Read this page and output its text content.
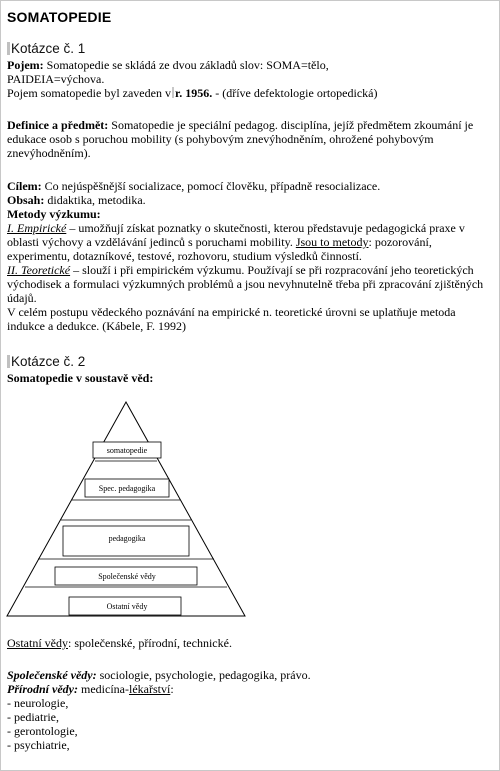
SOMATOPEDIE
Kotázce č. 1

Pojem: Somatopedie se skládá ze dvou základů slov: SOMA=tělo,

PAIDEIA=výchova.

Pojem somatopedie byl zaveden v r. 1956. - (dříve defektologie ortopedická)

Definice a předmět: Somatopedie je speciální pedagog. disciplína, jejíž předmětem zkoumání je edukace osob s poruchou mobility (s pohybovým znevýhodněním, ohrožené pohybovým znevýhodněním).

Cílem: Co nejúspěšnější socializace, pomocí člověku, případně resocializace.

Obsah: didaktika, metodika.

Metody výzkumu:

I. Empirické – umožňují získat poznatky o skutečnosti, kterou představuje pedagogická praxe v oblasti výchovy a vzdělávání jedinců s poruchami mobility. Jsou to metody: pozorování, experimentu, dotazníkové, testové, rozhovoru, studium výsledků činností.

II. Teoretické – slouží i při empirickém výzkumu. Používají se při rozpracování jeho teoretických východisek a formulaci výzkumných problémů a jsou nevyhnutelně třeba při zpracování zjištěných údajů.

V celém postupu vědeckého poznávání na empirické n. teoretické úrovni se uplatňuje metoda indukce a dedukce. (Kábele, F. 1992)

Kotázce č. 2

Somatopedie v soustavě věd:

somatopedie
Spec. pedagogika
pedagogika
Společenské vědy
Ostatní vědy

Ostatní vědy: společenské, přírodní, technické.

Společenské vědy: sociologie, psychologie, pedagogika, právo.

Přírodní vědy: medicína-lékařství:

- neurologie,
- pediatrie,
- gerontologie,
- psychiatrie,
